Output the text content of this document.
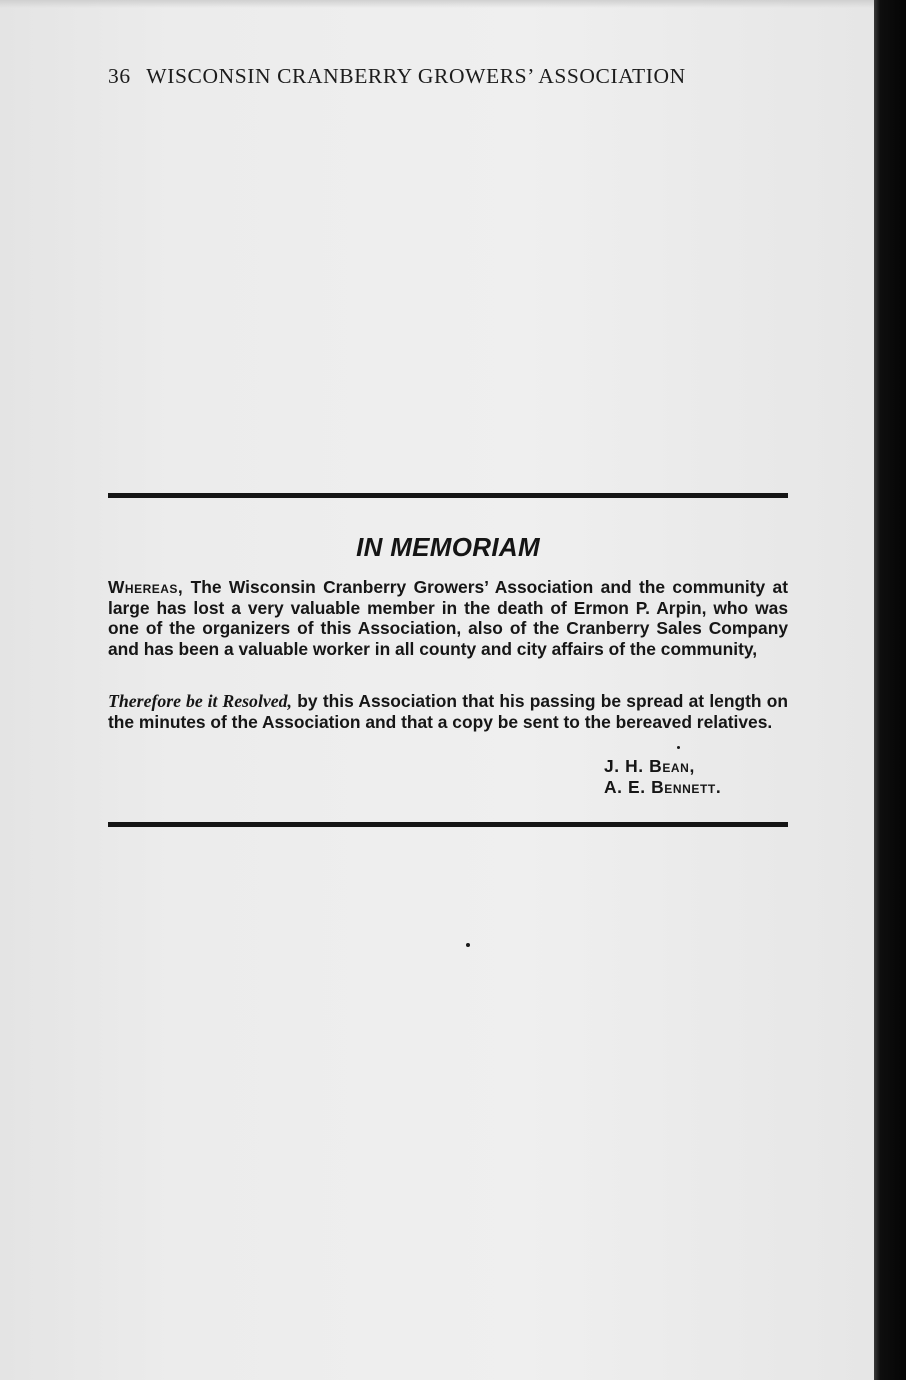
36 WISCONSIN CRANBERRY GROWERS’ ASSOCIATION
IN MEMORIAM
Whereas, The Wisconsin Cranberry Growers’ Association and the community at large has lost a very valuable member in the death of Ermon P. Arpin, who was one of the organizers of this Association, also of the Cranberry Sales Company and has been a valuable worker in all county and city affairs of the community,
Therefore be it Resolved, by this Association that his passing be spread at length on the minutes of the Association and that a copy be sent to the bereaved relatives.
J. H. Bean,
A. E. Bennett.
